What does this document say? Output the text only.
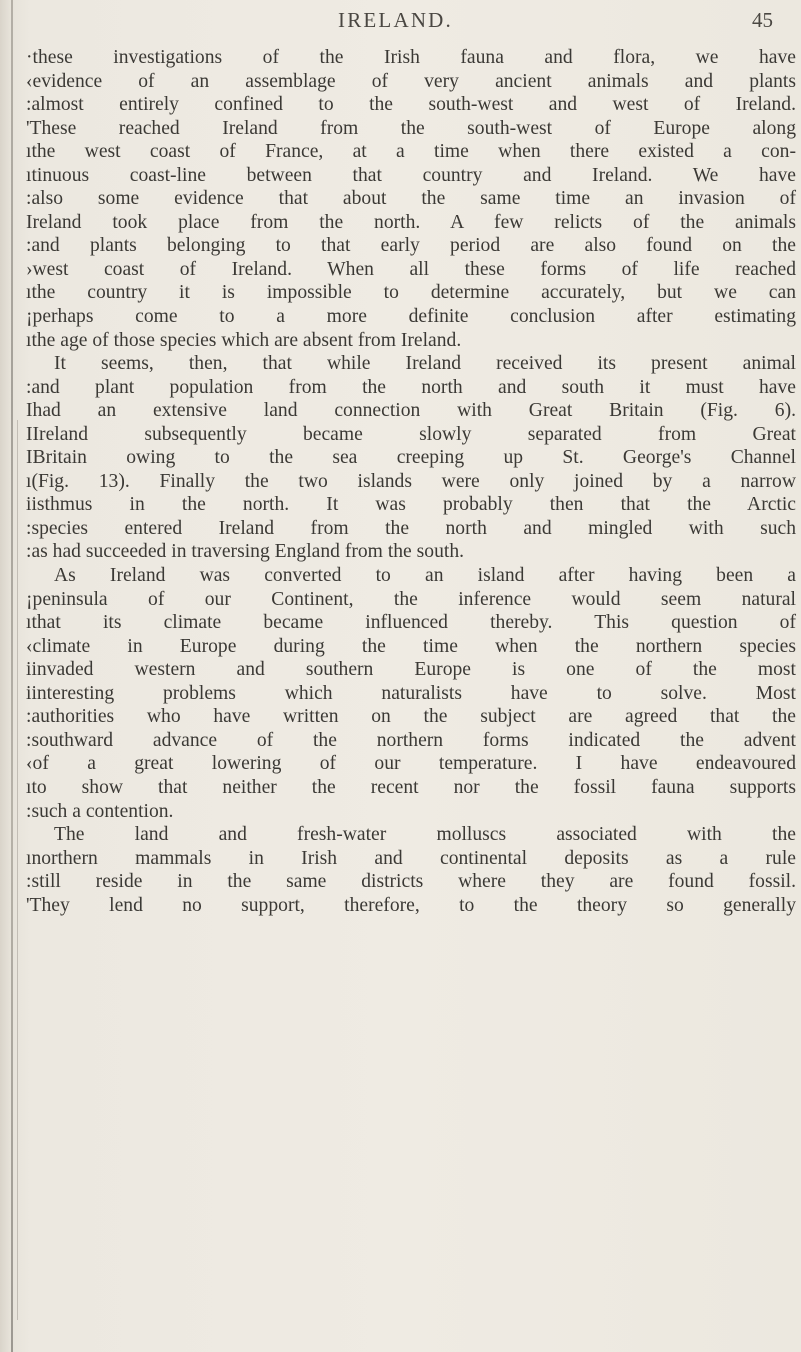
IRELAND.	45
·these investigations of the Irish fauna and flora, we have
‹evidence of an assemblage of very ancient animals and plants
:almost entirely confined to the south-west and west of Ireland.
'These reached Ireland from the south-west of Europe along
ıthe west coast of France, at a time when there existed a con-
ıtinuous coast-line between that country and Ireland. We have
:also some evidence that about the same time an invasion of
Ireland took place from the north. A few relicts of the animals
:and plants belonging to that early period are also found on the
›west coast of Ireland. When all these forms of life reached
ıthe country it is impossible to determine accurately, but we can
¡perhaps come to a more definite conclusion after estimating
ıthe age of those species which are absent from Ireland.
It seems, then, that while Ireland received its present animal
:and plant population from the north and south it must have
Ihad an extensive land connection with Great Britain (Fig. 6).
IIreland subsequently became slowly separated from Great
IBritain owing to the sea creeping up St. George's Channel
ı(Fig. 13). Finally the two islands were only joined by a narrow
iisthmus in the north. It was probably then that the Arctic
:species entered Ireland from the north and mingled with such
:as had succeeded in traversing England from the south.
As Ireland was converted to an island after having been a
¡peninsula of our Continent, the inference would seem natural
ıthat its climate became influenced thereby. This question of
‹climate in Europe during the time when the northern species
iinvaded western and southern Europe is one of the most
iinteresting problems which naturalists have to solve. Most
:authorities who have written on the subject are agreed that the
:southward advance of the northern forms indicated the advent
‹of a great lowering of our temperature. I have endeavoured
ıto show that neither the recent nor the fossil fauna supports
:such a contention.
The land and fresh-water molluscs associated with the
ınorthern mammals in Irish and continental deposits as a rule
:still reside in the same districts where they are found fossil.
'They lend no support, therefore, to the theory so generally
